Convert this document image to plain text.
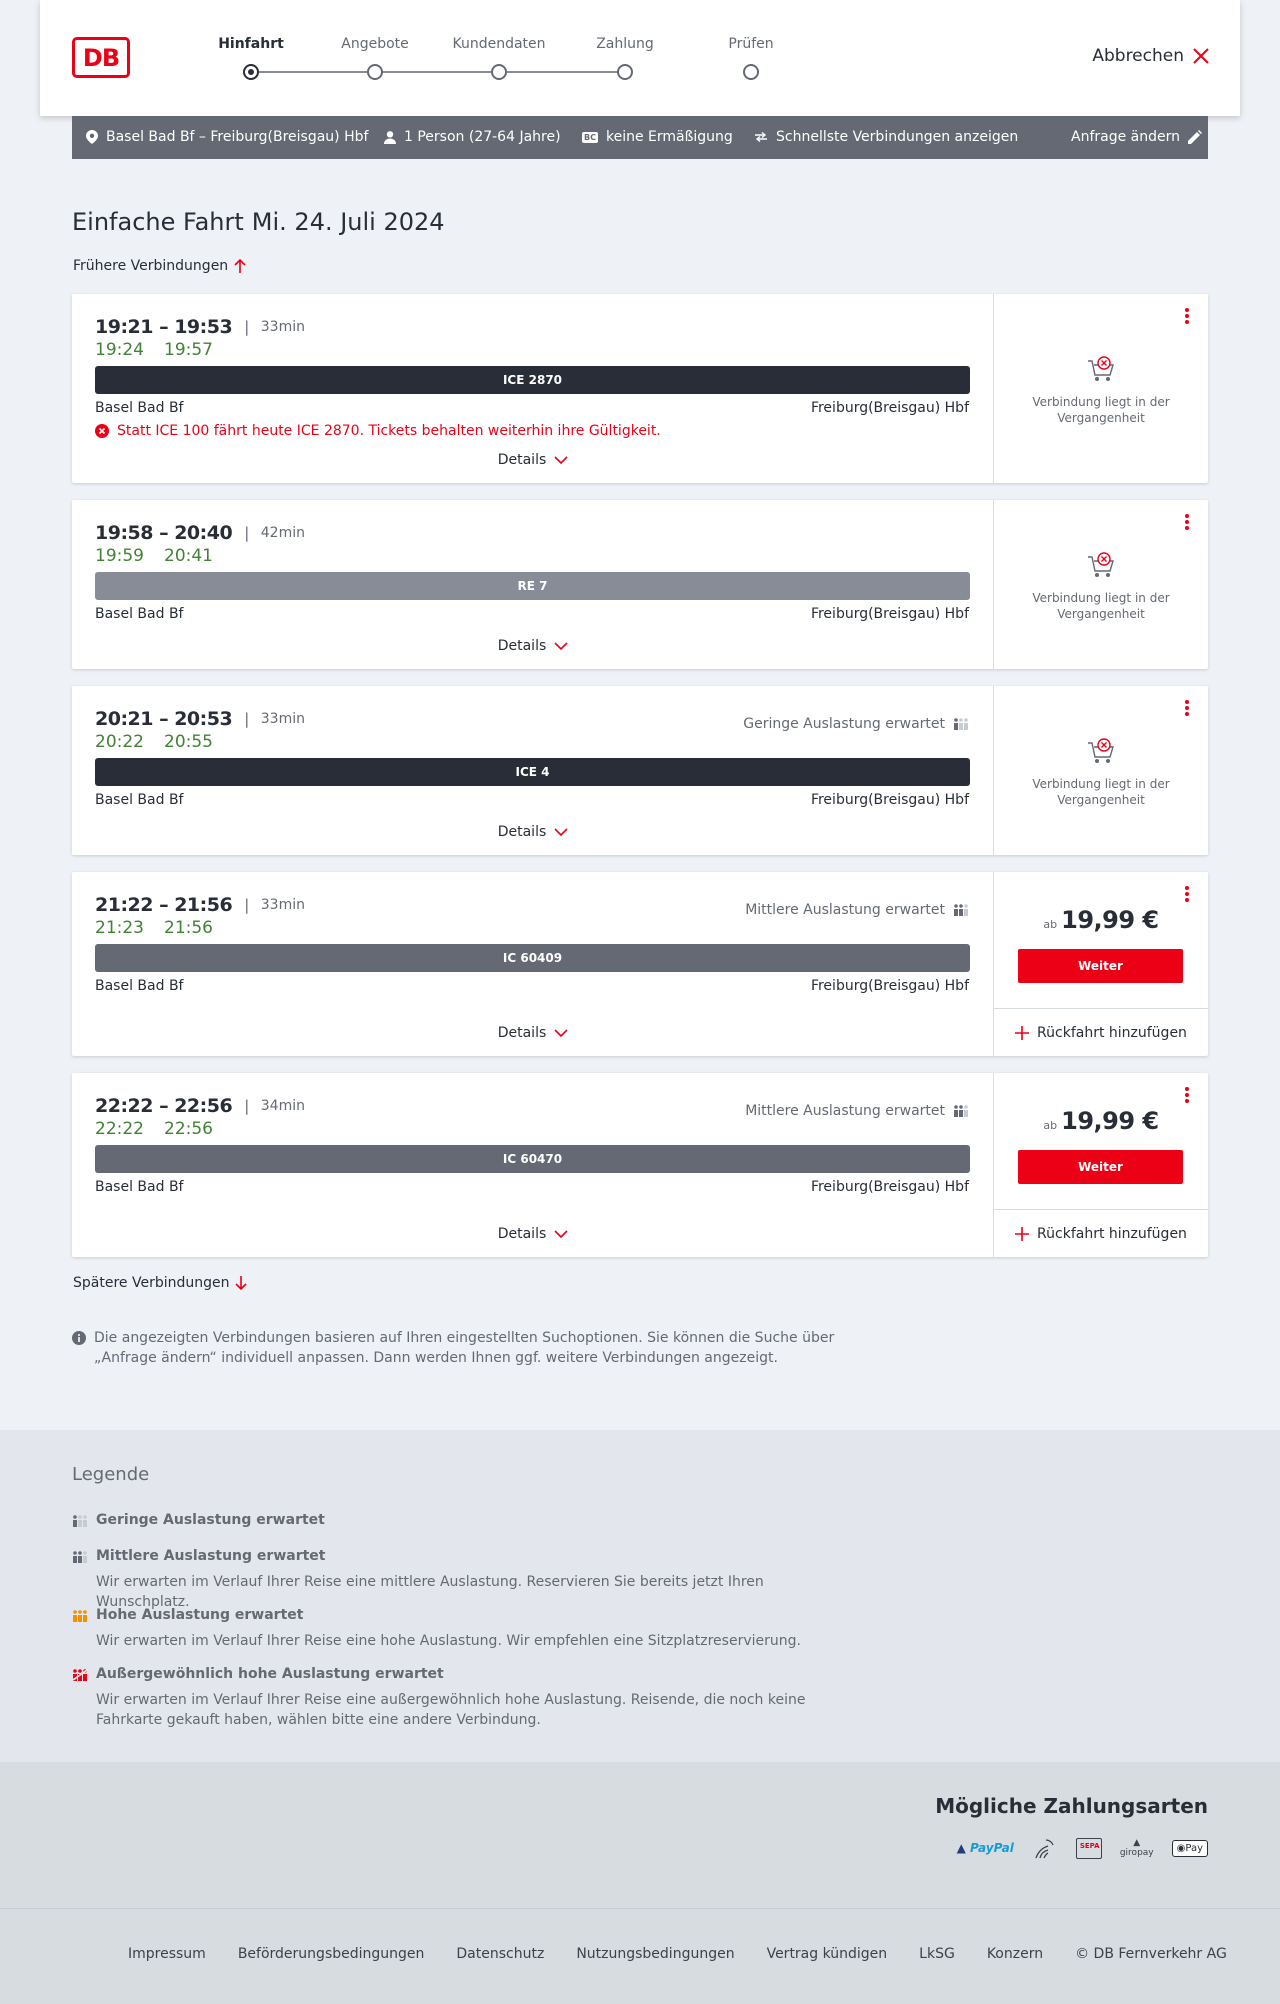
DB	Hinfahrt	Angebote	Kundendaten	Zahlung	Prüfen
Abbrechen
Basel Bad Bf – Freiburg(Breisgau) Hbf	1 Person (27-64 Jahre)	BC keine Ermäßigung	Schnellste Verbindungen anzeigen	Anfrage ändern
Einfache Fahrt Mi. 24. Juli 2024
Frühere Verbindungen
19:21 – 19:53 | 33min
19:24 19:57
ICE 2870
Basel Bad Bf	Freiburg(Breisgau) Hbf
Statt ICE 100 fährt heute ICE 2870. Tickets behalten weiterhin ihre Gültigkeit.
Details
Verbindung liegt in der Vergangenheit
19:58 – 20:40 | 42min
19:59 20:41
RE 7
Basel Bad Bf	Freiburg(Breisgau) Hbf
Details
Verbindung liegt in der Vergangenheit
20:21 – 20:53 | 33min	Geringe Auslastung erwartet
20:22 20:55
ICE 4
Basel Bad Bf	Freiburg(Breisgau) Hbf
Details
Verbindung liegt in der Vergangenheit
21:22 – 21:56 | 33min	Mittlere Auslastung erwartet
21:23 21:56
IC 60409
Basel Bad Bf	Freiburg(Breisgau) Hbf
Details
ab 19,99 €
Weiter
Rückfahrt hinzufügen
22:22 – 22:56 | 34min	Mittlere Auslastung erwartet
22:22 22:56
IC 60470
Basel Bad Bf	Freiburg(Breisgau) Hbf
Details
ab 19,99 €
Weiter
Rückfahrt hinzufügen
Spätere Verbindungen
Die angezeigten Verbindungen basieren auf Ihren eingestellten Suchoptionen. Sie können die Suche über „Anfrage ändern“ individuell anpassen. Dann werden Ihnen ggf. weitere Verbindungen angezeigt.
Legende
Geringe Auslastung erwartet
Mittlere Auslastung erwartet
Wir erwarten im Verlauf Ihrer Reise eine mittlere Auslastung. Reservieren Sie bereits jetzt Ihren Wunschplatz.
Hohe Auslastung erwartet
Wir erwarten im Verlauf Ihrer Reise eine hohe Auslastung. Wir empfehlen eine Sitzplatzreservierung.
Außergewöhnlich hohe Auslastung erwartet
Wir erwarten im Verlauf Ihrer Reise eine außergewöhnlich hohe Auslastung. Reisende, die noch keine Fahrkarte gekauft haben, wählen bitte eine andere Verbindung.
Mögliche Zahlungsarten
▲ PayPal	SEPA	▲
giropay	◉Pay
Impressum Beförderungsbedingungen Datenschutz Nutzungsbedingungen Vertrag kündigen LkSG Konzern © DB Fernverkehr AG
